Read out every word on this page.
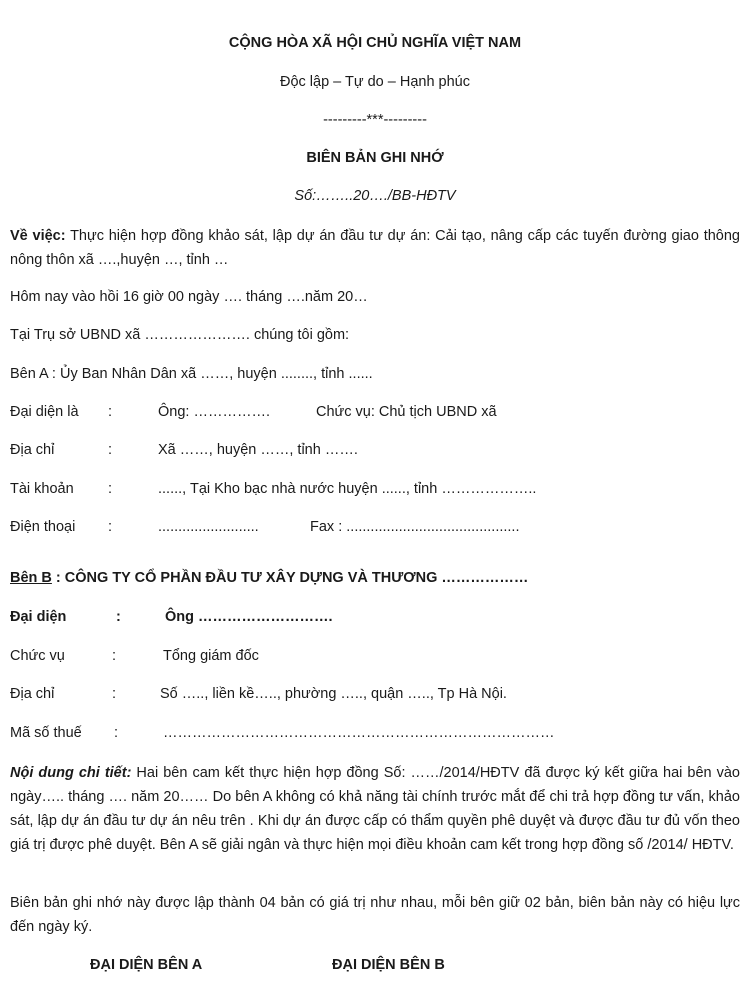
CỘNG HÒA XÃ HỘI CHỦ NGHĨA VIỆT NAM
Độc lập – Tự do – Hạnh phúc
---------***---------
BIÊN BẢN GHI NHỚ
Số:……..20…./BB-HĐTV
Về việc: Thực hiện hợp đồng khảo sát, lập dự án đầu tư dự án: Cải tạo, nâng cấp các tuyến đường giao thông nông thôn xã ….,huyện …, tỉnh …
Hôm nay vào hồi 16 giờ 00 ngày …. tháng ….năm 20…
Tại Trụ sở UBND xã …………………. chúng tôi gồm:
Bên A : Ủy Ban Nhân Dân xã ……, huyện ........, tỉnh ......
Đại diện là :	Ông: …………….	Chức vụ: Chủ tịch UBND xã
Địa chỉ	:	Xã ……, huyện ……, tỉnh …….
Tài khoản :	......, Tại Kho bạc nhà nước huyện ......, tỉnh ………………..
Điện thoại :	.........................	Fax : ...........................................
Bên B : CÔNG TY CỔ PHẦN ĐẦU TƯ XÂY DỰNG VÀ THƯƠNG ………………
Đại diện	:	Ông ……………………….
Chức vụ	:	Tổng giám đốc
Địa chỉ	:	Số ….., liền kề….., phường ….., quận ….., Tp Hà Nội.
Mã số thuế :	………………………………………………………………………
Nội dung chi tiết: Hai bên cam kết thực hiện hợp đồng Số: ……/2014/HĐTV đã được ký kết giữa hai bên vào ngày….. tháng …. năm 20…… Do bên A không có khả năng tài chính trước mắt để chi trả hợp đồng tư vấn, khảo sát, lập dự án đầu tư dự án nêu trên . Khi dự án được cấp có thẩm quyền phê duyệt và được đầu tư đủ vốn theo giá trị được phê duyệt. Bên A sẽ giải ngân và thực hiện mọi điều khoản cam kết trong hợp đồng số /2014/ HĐTV.
Biên bản ghi nhớ này được lập thành 04 bản có giá trị như nhau, mỗi bên giữ 02 bản, biên bản này có hiệu lực đến ngày ký.
ĐẠI DIỆN BÊN A	ĐẠI DIỆN BÊN B
